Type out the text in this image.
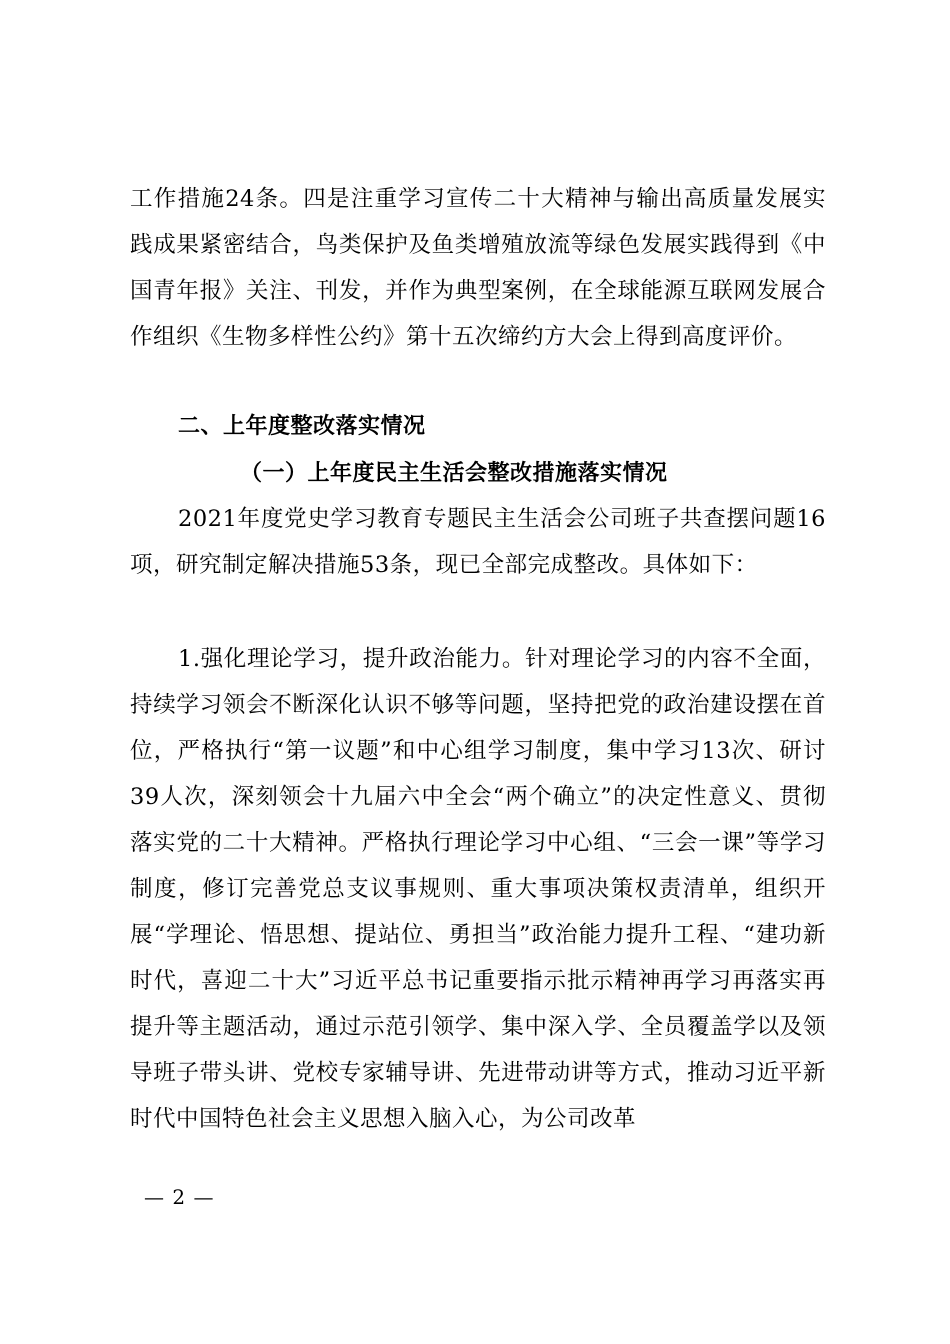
工作措施24条。四是注重学习宣传二十大精神与输出高质量发展实践成果紧密结合，鸟类保护及鱼类增殖放流等绿色发展实践得到《中国青年报》关注、刊发，并作为典型案例，在全球能源互联网发展合作组织《生物多样性公约》第十五次缔约方大会上得到高度评价。

二、上年度整改落实情况
（一）上年度民主生活会整改措施落实情况

2021年度党史学习教育专题民主生活会公司班子共查摆问题16项，研究制定解决措施53条，现已全部完成整改。具体如下：

1.强化理论学习，提升政治能力。针对理论学习的内容不全面，持续学习领会不断深化认识不够等问题，坚持把党的政治建设摆在首位，严格执行“第一议题”和中心组学习制度，集中学习13次、研讨39人次，深刻领会十九届六中全会“两个确立”的决定性意义、贯彻落实党的二十大精神。严格执行理论学习中心组、“三会一课”等学习制度，修订完善党总支议事规则、重大事项决策权责清单，组织开展“学理论、悟思想、提站位、勇担当”政治能力提升工程、“建功新时代，喜迎二十大”习近平总书记重要指示批示精神再学习再落实再提升等主题活动，通过示范引领学、集中深入学、全员覆盖学以及领导班子带头讲、党校专家辅导讲、先进带动讲等方式，推动习近平新时代中国特色社会主义思想入脑入心，为公司改革

— 2 —
